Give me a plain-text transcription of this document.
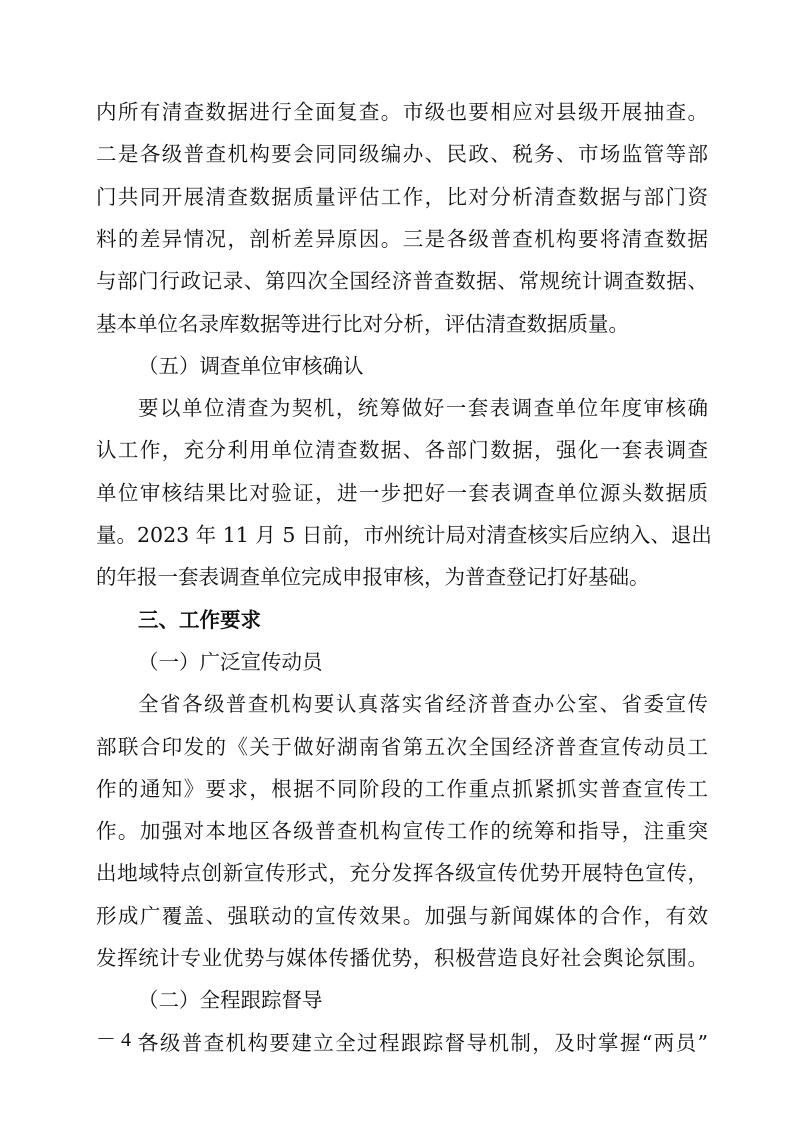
内所有清查数据进行全面复查。市级也要相应对县级开展抽查。
二是各级普查机构要会同同级编办、民政、税务、市场监管等部
门共同开展清查数据质量评估工作，比对分析清查数据与部门资
料的差异情况，剖析差异原因。三是各级普查机构要将清查数据
与部门行政记录、第四次全国经济普查数据、常规统计调查数据、
基本单位名录库数据等进行比对分析，评估清查数据质量。
（五）调查单位审核确认
要以单位清查为契机，统筹做好一套表调查单位年度审核确
认工作，充分利用单位清查数据、各部门数据，强化一套表调查
单位审核结果比对验证，进一步把好一套表调查单位源头数据质
量。2023 年 11 月 5 日前，市州统计局对清查核实后应纳入、退出
的年报一套表调查单位完成申报审核，为普查登记打好基础。
三、工作要求
（一）广泛宣传动员
全省各级普查机构要认真落实省经济普查办公室、省委宣传
部联合印发的《关于做好湖南省第五次全国经济普查宣传动员工
作的通知》要求，根据不同阶段的工作重点抓紧抓实普查宣传工
作。加强对本地区各级普查机构宣传工作的统筹和指导，注重突
出地域特点创新宣传形式，充分发挥各级宣传优势开展特色宣传，
形成广覆盖、强联动的宣传效果。加强与新闻媒体的合作，有效
发挥统计专业优势与媒体传播优势，积极营造良好社会舆论氛围。
（二）全程跟踪督导
各级普查机构要建立全过程跟踪督导机制，及时掌握“两员”
－ 4 －
